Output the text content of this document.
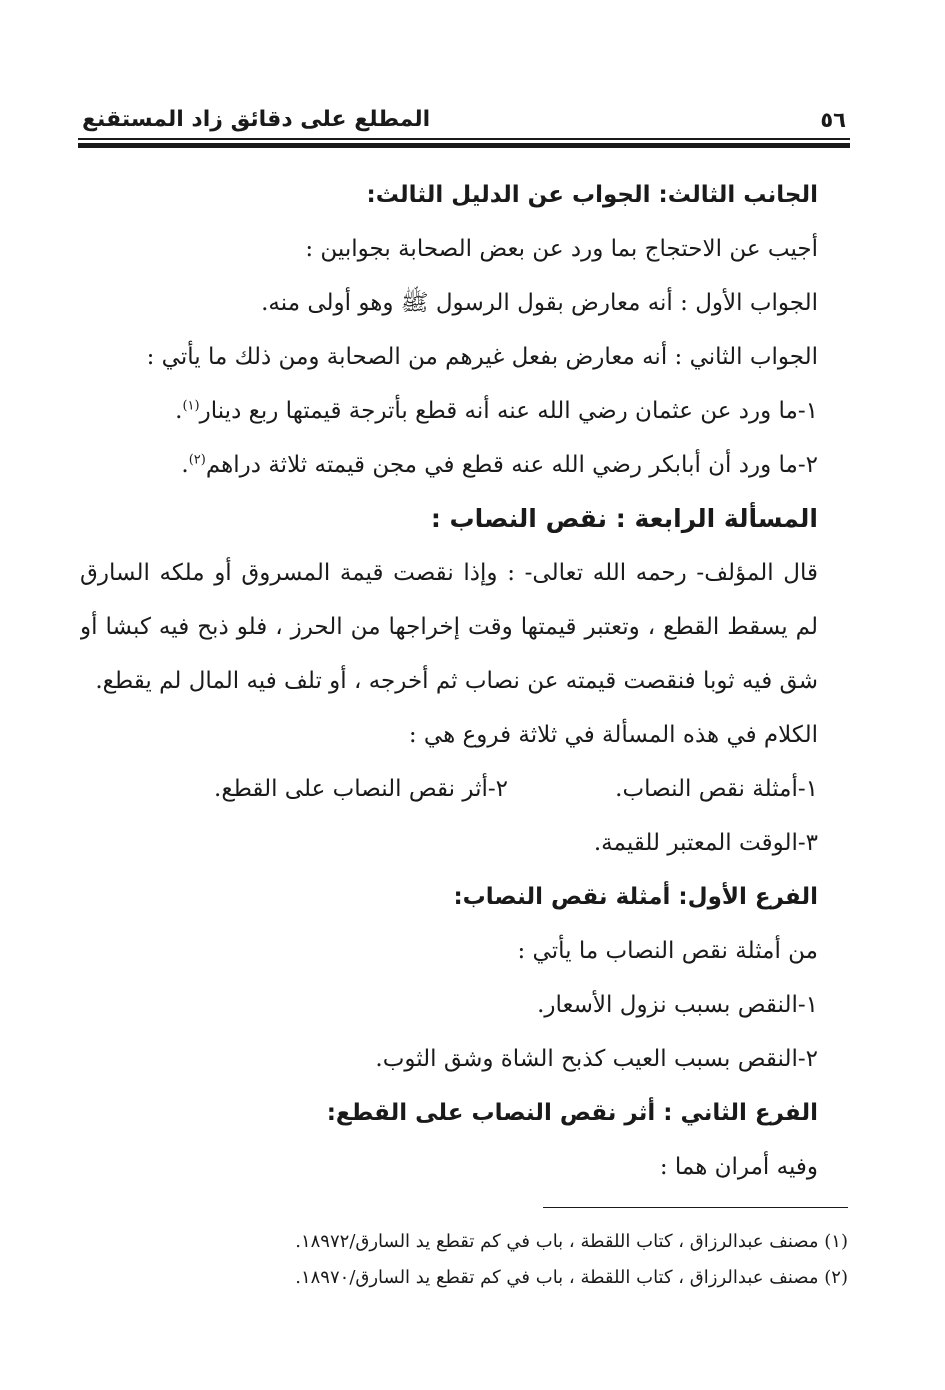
٥٦
المطلع على دقائق زاد المستقنع
الجانب الثالث: الجواب عن الدليل الثالث:
أجيب عن الاحتجاج بما ورد عن بعض الصحابة بجوابين :
الجواب الأول : أنه معارض بقول الرسول ﷺ وهو أولى منه.
الجواب الثاني : أنه معارض بفعل غيرهم من الصحابة ومن ذلك ما يأتي :
١-ما ورد عن عثمان رضي الله عنه أنه قطع بأترجة قيمتها ربع دينار$^{(١)}$.
٢-ما ورد أن أبابكر رضي الله عنه قطع في مجن قيمته ثلاثة دراهم$^{(٢)}$.
المسألة الرابعة : نقص النصاب :
قال المؤلف- رحمه الله تعالى- : وإذا نقصت قيمة المسروق أو ملكه السارق
لم يسقط القطع ، وتعتبر قيمتها وقت إخراجها من الحرز ، فلو ذبح فيه كبشا أو
شق فيه ثوبا فنقصت قيمته عن نصاب ثم أخرجه ، أو تلف فيه المال لم يقطع.
الكلام في هذه المسألة في ثلاثة فروع هي :
١-أمثلة نقص النصاب.
٢-أثر نقص النصاب على القطع.
٣-الوقت المعتبر للقيمة.
الفرع الأول: أمثلة نقص النصاب:
من أمثلة نقص النصاب ما يأتي :
١-النقص بسبب نزول الأسعار.
٢-النقص بسبب العيب كذبح الشاة وشق الثوب.
الفرع الثاني : أثر نقص النصاب على القطع:
وفيه أمران هما :
(١) مصنف عبدالرزاق ، كتاب اللقطة ، باب في كم تقطع يد السارق/١٨٩٧٢.
(٢) مصنف عبدالرزاق ، كتاب اللقطة ، باب في كم تقطع يد السارق/١٨٩٧٠.
